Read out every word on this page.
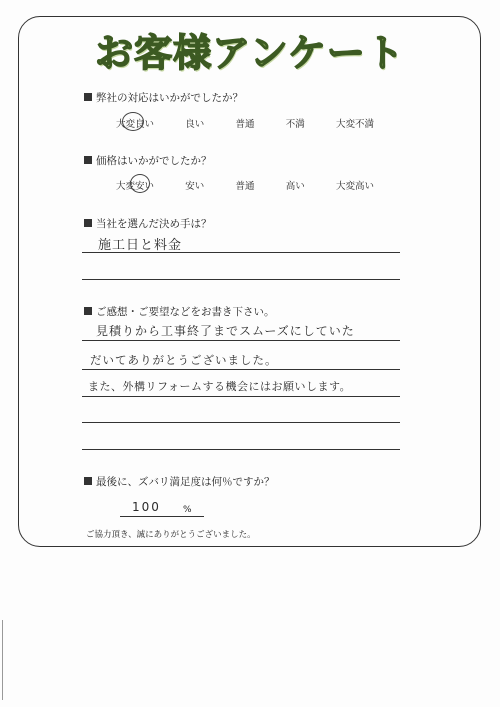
お客様アンケート
弊社の対応はいかがでしたか？
大変良い	良い	普通	不満	大変不満
価格はいかがでしたか？
大変安い	安い	普通	高い	大変高い
当社を選んだ決め手は？
施工日と料金
ご感想・ご要望などをお書き下さい。
見積りから工事終了までスムーズにしていた
だいてありがとうございました。
また、外構リフォームする機会にはお願いします。
最後に、ズバリ満足度は何％ですか？
100 %
ご協力頂き、誠にありがとうございました。
